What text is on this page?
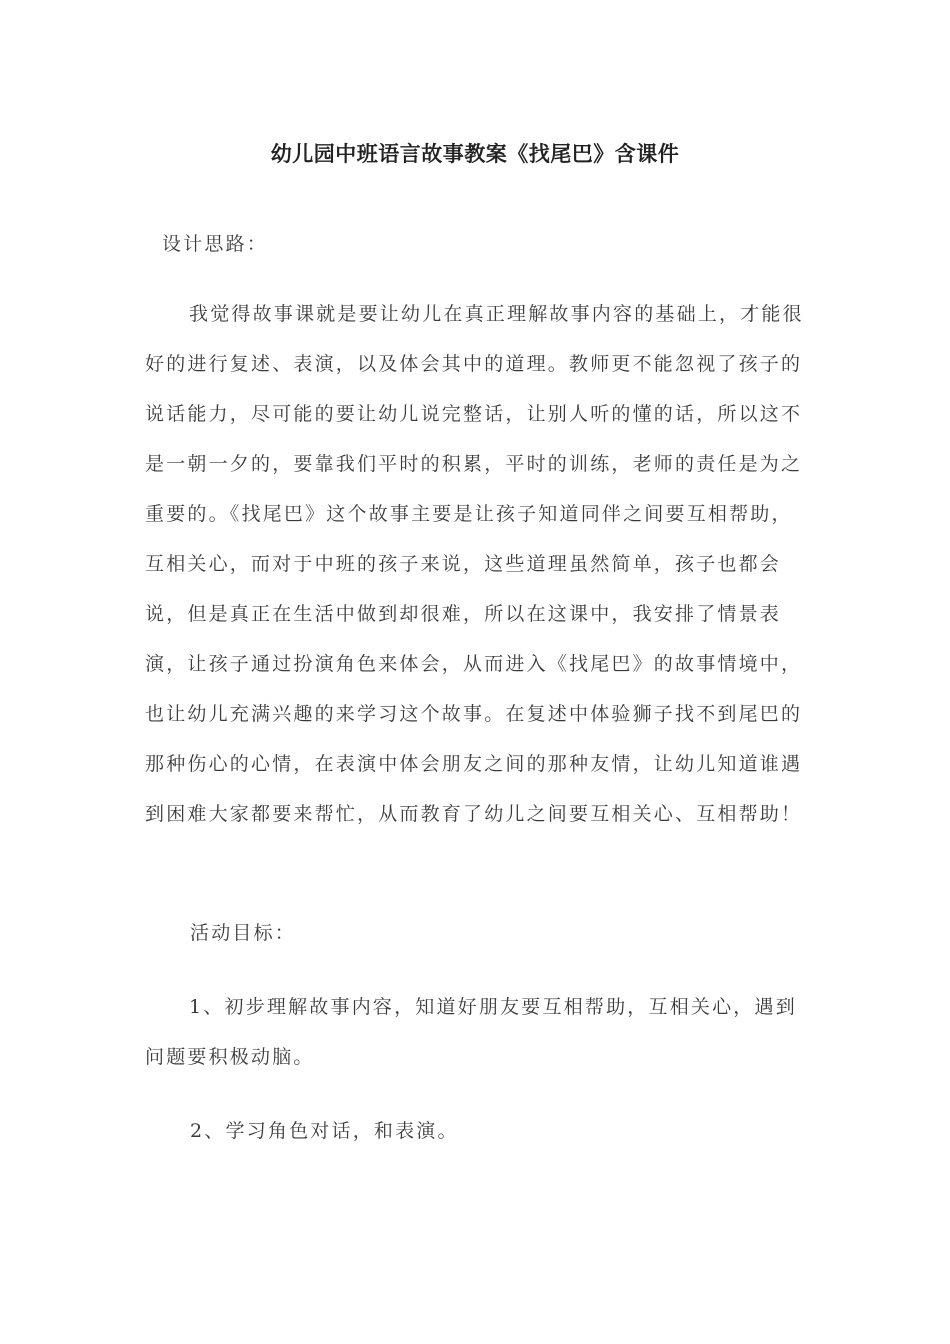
幼儿园中班语言故事教案《找尾巴》含课件

设计思路：

我觉得故事课就是要让幼儿在真正理解故事内容的基础上，才能很好的进行复述、表演，以及体会其中的道理。教师更不能忽视了孩子的说话能力，尽可能的要让幼儿说完整话，让别人听的懂的话，所以这不是一朝一夕的，要靠我们平时的积累，平时的训练，老师的责任是为之重要的。《找尾巴》这个故事主要是让孩子知道同伴之间要互相帮助，互相关心，而对于中班的孩子来说，这些道理虽然简单，孩子也都会说，但是真正在生活中做到却很难，所以在这课中，我安排了情景表演，让孩子通过扮演角色来体会，从而进入《找尾巴》的故事情境中，也让幼儿充满兴趣的来学习这个故事。在复述中体验狮子找不到尾巴的那种伤心的心情，在表演中体会朋友之间的那种友情，让幼儿知道谁遇到困难大家都要来帮忙，从而教育了幼儿之间要互相关心、互相帮助！

活动目标：

1、初步理解故事内容，知道好朋友要互相帮助，互相关心，遇到问题要积极动脑。

2、学习角色对话，和表演。
